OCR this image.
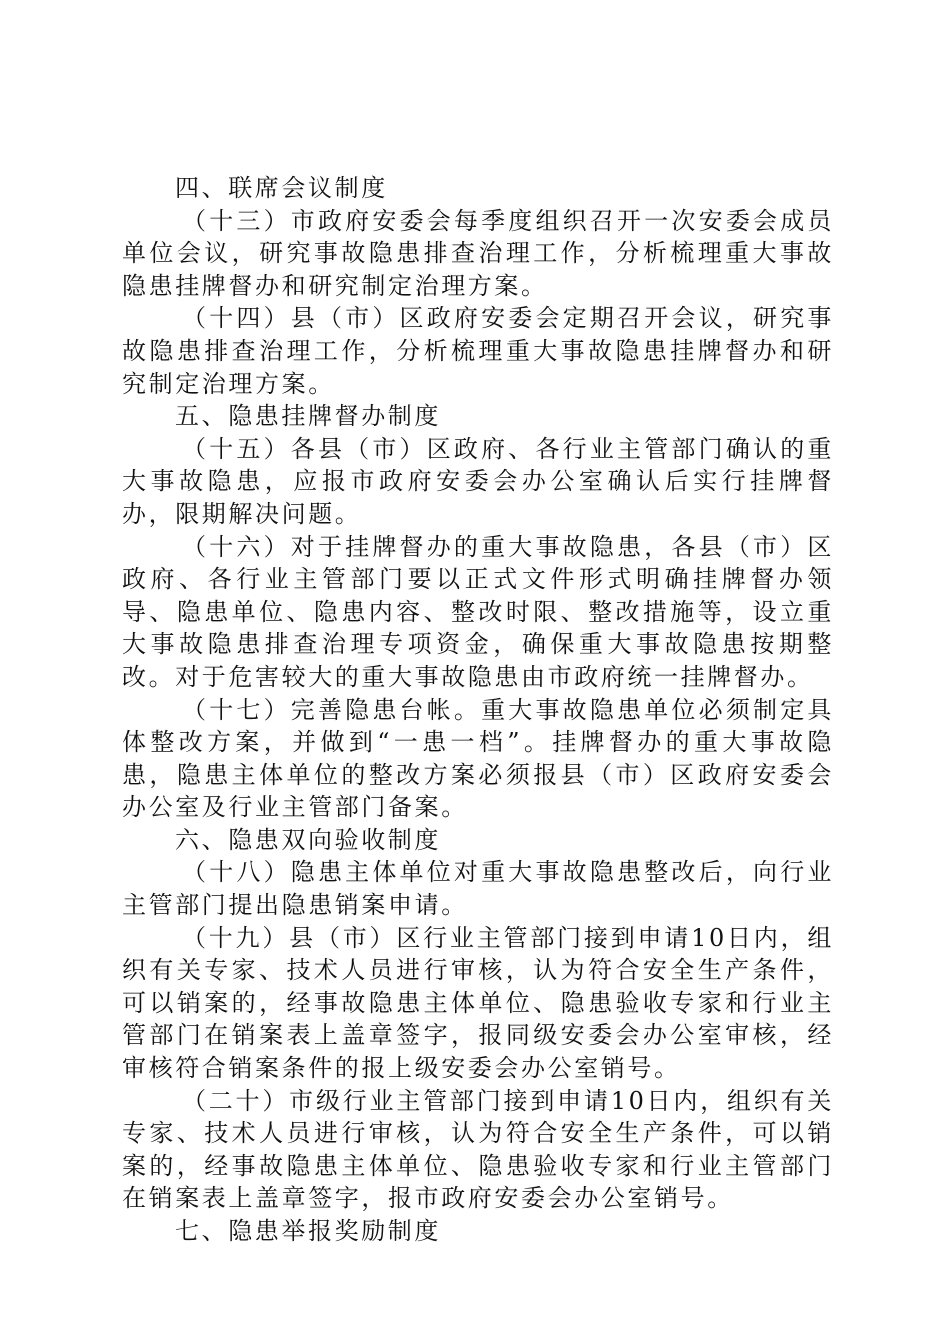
四、联席会议制度

（十三）市政府安委会每季度组织召开一次安委会成员单位会议，研究事故隐患排查治理工作，分析梳理重大事故隐患挂牌督办和研究制定治理方案。

（十四）县（市）区政府安委会定期召开会议，研究事故隐患排查治理工作，分析梳理重大事故隐患挂牌督办和研究制定治理方案。

五、隐患挂牌督办制度

（十五）各县（市）区政府、各行业主管部门确认的重大事故隐患，应报市政府安委会办公室确认后实行挂牌督办，限期解决问题。

（十六）对于挂牌督办的重大事故隐患，各县（市）区政府、各行业主管部门要以正式文件形式明确挂牌督办领导、隐患单位、隐患内容、整改时限、整改措施等，设立重大事故隐患排查治理专项资金，确保重大事故隐患按期整改。对于危害较大的重大事故隐患由市政府统一挂牌督办。

（十七）完善隐患台帐。重大事故隐患单位必须制定具体整改方案，并做到“一患一档”。挂牌督办的重大事故隐患，隐患主体单位的整改方案必须报县（市）区政府安委会办公室及行业主管部门备案。

六、隐患双向验收制度

（十八）隐患主体单位对重大事故隐患整改后，向行业主管部门提出隐患销案申请。

（十九）县（市）区行业主管部门接到申请10日内，组织有关专家、技术人员进行审核，认为符合安全生产条件，可以销案的，经事故隐患主体单位、隐患验收专家和行业主管部门在销案表上盖章签字，报同级安委会办公室审核，经审核符合销案条件的报上级安委会办公室销号。

（二十）市级行业主管部门接到申请10日内，组织有关专家、技术人员进行审核，认为符合安全生产条件，可以销案的，经事故隐患主体单位、隐患验收专家和行业主管部门在销案表上盖章签字，报市政府安委会办公室销号。

七、隐患举报奖励制度
